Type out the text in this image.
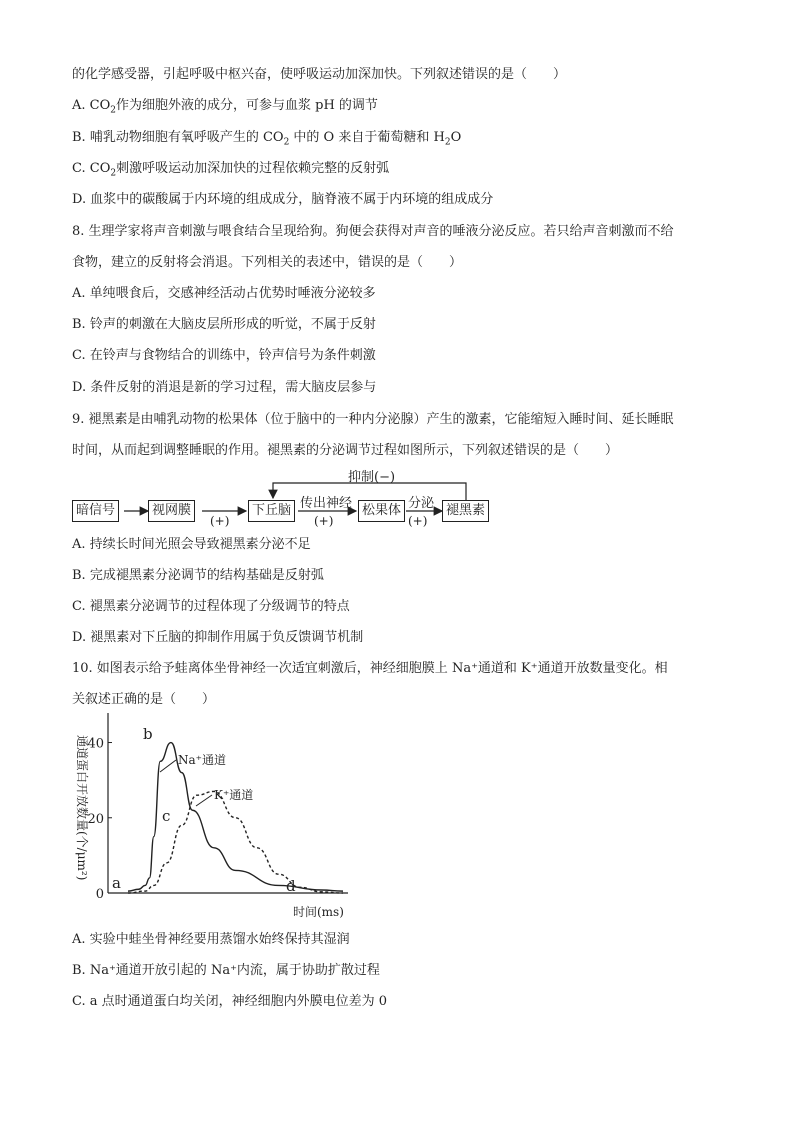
的化学感受器，引起呼吸中枢兴奋，使呼吸运动加深加快。下列叙述错误的是（　　）
A. $CO_2$作为细胞外液的成分，可参与血浆 pH 的调节
B. 哺乳动物细胞有氧呼吸产生的 $CO_2$ 中的 O 来自于葡萄糖和 $H_2O$
C. $CO_2$刺激呼吸运动加深加快的过程依赖完整的反射弧
D. 血浆中的碳酸属于内环境的组成成分，脑脊液不属于内环境的组成成分
8. 生理学家将声音刺激与喂食结合呈现给狗。狗便会获得对声音的唾液分泌反应。若只给声音刺激而不给
食物，建立的反射将会消退。下列相关的表述中，错误的是（　　）
A. 单纯喂食后，交感神经活动占优势时唾液分泌较多
B. 铃声的刺激在大脑皮层所形成的听觉，不属于反射
C. 在铃声与食物结合的训练中，铃声信号为条件刺激
D. 条件反射的消退是新的学习过程，需大脑皮层参与
9. 褪黑素是由哺乳动物的松果体（位于脑中的一种内分泌腺）产生的激素，它能缩短入睡时间、延长睡眠
时间，从而起到调整睡眠的作用。褪黑素的分泌调节过程如图所示，下列叙述错误的是（　　）
暗信号	视网膜	下丘脑	松果体	褪黑素
(+)	(+)	(+)
传出神经	分泌
抑制(−)
A. 持续长时间光照会导致褪黑素分泌不足
B. 完成褪黑素分泌调节的结构基础是反射弧
C. 褪黑素分泌调节的过程体现了分级调节的特点
D. 褪黑素对下丘脑的抑制作用属于负反馈调节机制
10. 如图表示给予蛙离体坐骨神经一次适宜刺激后，神经细胞膜上 Na⁺通道和 K⁺通道开放数量变化。相
关叙述正确的是（　　）
0
20
40
通道蛋白开放数量(个/μm²)
时间(ms)
Na⁺通道
K⁺通道
a
b
c
d
A. 实验中蛙坐骨神经要用蒸馏水始终保持其湿润
B. Na⁺通道开放引起的 Na⁺内流，属于协助扩散过程
C. a 点时通道蛋白均关闭，神经细胞内外膜电位差为 0
